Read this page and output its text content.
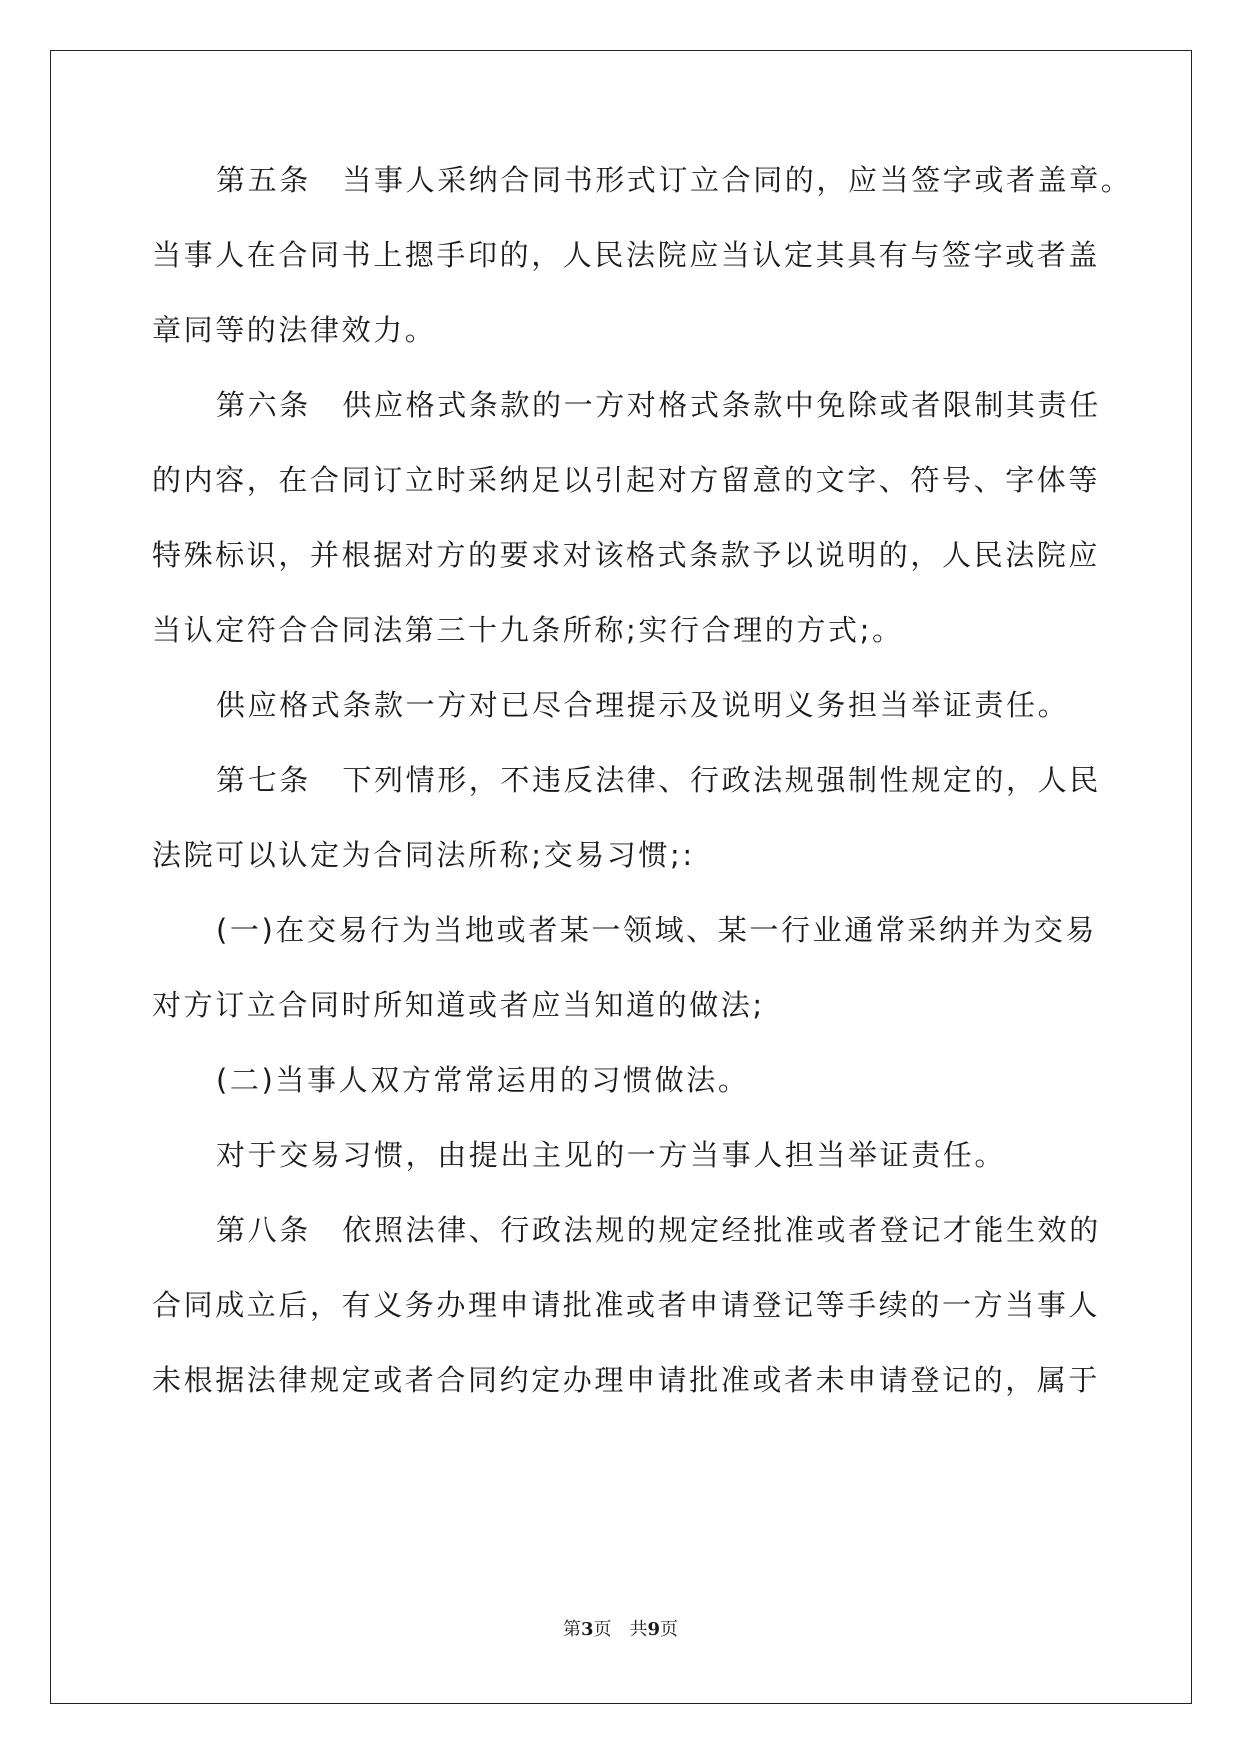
第五条　当事人采纳合同书形式订立合同的，应当签字或者盖章。
当事人在合同书上摁手印的，人民法院应当认定其具有与签字或者盖
章同等的法律效力。
第六条　供应格式条款的一方对格式条款中免除或者限制其责任
的内容，在合同订立时采纳足以引起对方留意的文字、符号、字体等
特殊标识，并根据对方的要求对该格式条款予以说明的，人民法院应
当认定符合合同法第三十九条所称;实行合理的方式;。
供应格式条款一方对已尽合理提示及说明义务担当举证责任。
第七条　下列情形，不违反法律、行政法规强制性规定的，人民
法院可以认定为合同法所称;交易习惯;:
(一)在交易行为当地或者某一领域、某一行业通常采纳并为交易
对方订立合同时所知道或者应当知道的做法;
(二)当事人双方常常运用的习惯做法。
对于交易习惯，由提出主见的一方当事人担当举证责任。
第八条　依照法律、行政法规的规定经批准或者登记才能生效的
合同成立后，有义务办理申请批准或者申请登记等手续的一方当事人
未根据法律规定或者合同约定办理申请批准或者未申请登记的，属于
第3页　共9页
